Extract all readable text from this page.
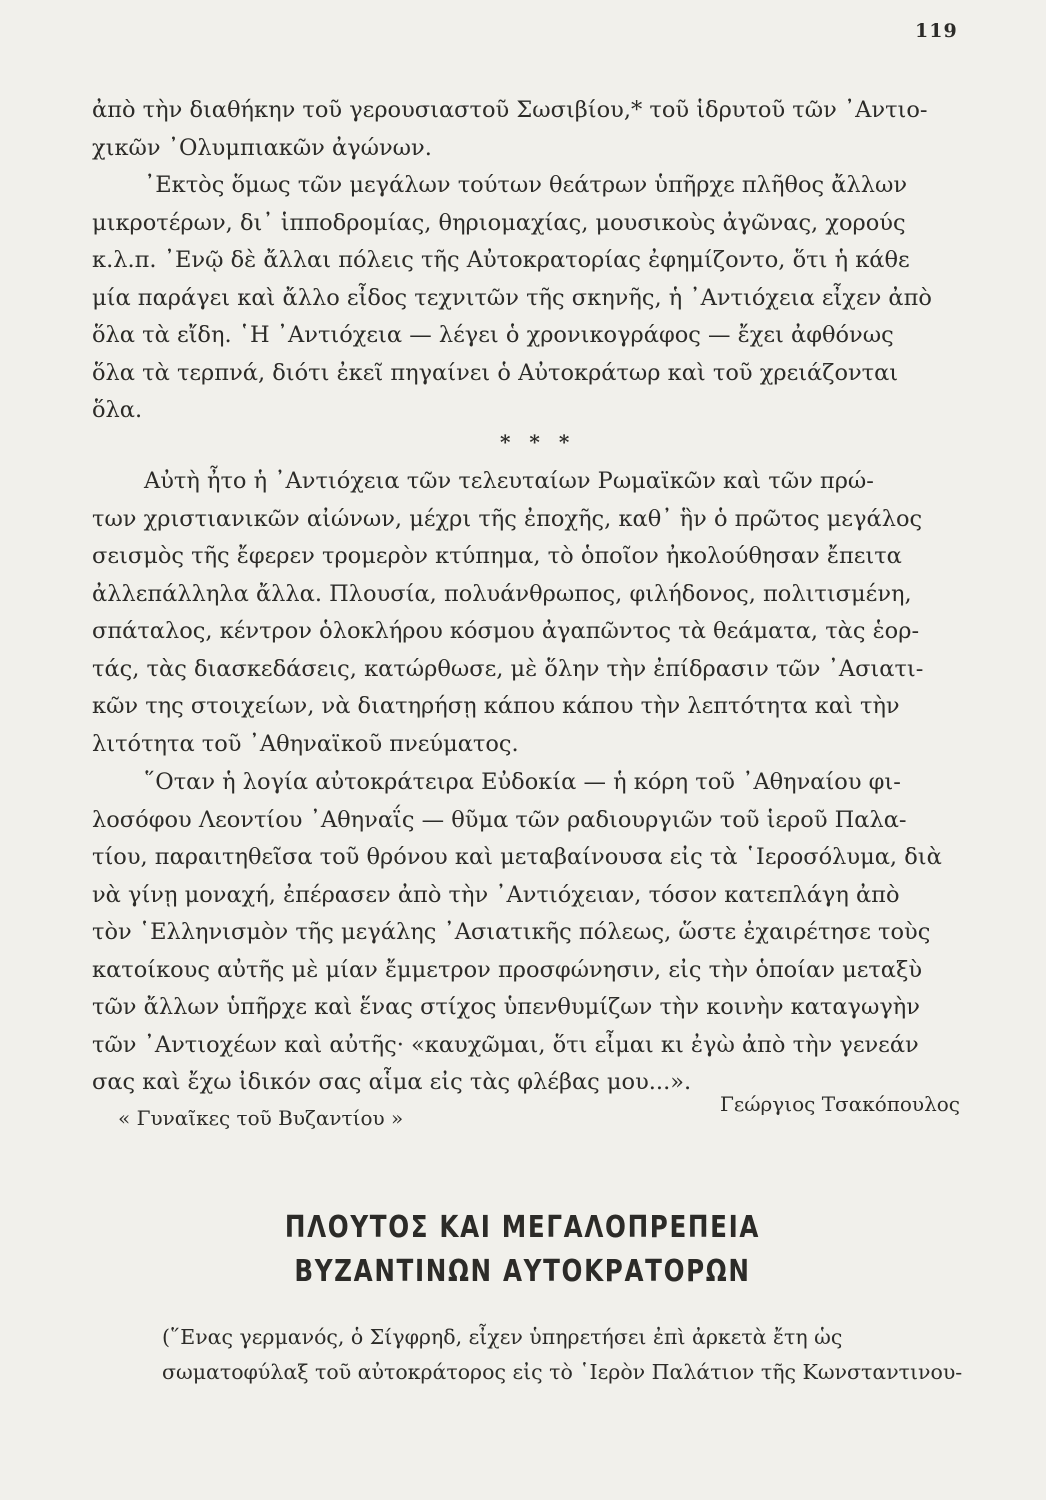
119

ἀπὸ τὴν διαθήκην τοῦ γερουσιαστοῦ Σωσιβίου,* τοῦ ἱδρυτοῦ τῶν ᾿Αντιο-
χικῶν ᾿Ολυμπιακῶν ἀγώνων.

᾿Εκτὸς ὅμως τῶν μεγάλων τούτων θεάτρων ὑπῆρχε πλῆθος ἄλλων
μικροτέρων, δι᾿ ἱπποδρομίας, θηριομαχίας, μουσικοὺς ἀγῶνας, χορούς
κ.λ.π. ᾿Ενῷ δὲ ἄλλαι πόλεις τῆς Αὐτοκρατορίας ἐφημίζοντο, ὅτι ἡ κάθε
μία παράγει καὶ ἄλλο εἶδος τεχνιτῶν τῆς σκηνῆς, ἡ ᾿Αντιόχεια εἶχεν ἀπὸ
ὅλα τὰ εἴδη. ῾Η ᾿Αντιόχεια — λέγει ὁ χρονικογράφος — ἔχει ἀφθόνως
ὅλα τὰ τερπνά, διότι ἐκεῖ πηγαίνει ὁ Αὐτοκράτωρ καὶ τοῦ χρειάζονται
ὅλα.

* * *

Αὐτὴ ἦτο ἡ ᾿Αντιόχεια τῶν τελευταίων Ρωμαϊκῶν καὶ τῶν πρώ-
των χριστιανικῶν αἰώνων, μέχρι τῆς ἐποχῆς, καθ᾿ ἣν ὁ πρῶτος μεγάλος
σεισμὸς τῆς ἔφερεν τρομερὸν κτύπημα, τὸ ὁποῖον ἠκολούθησαν ἔπειτα
ἀλλεπάλληλα ἄλλα. Πλουσία, πολυάνθρωπος, φιλήδονος, πολιτισμένη,
σπάταλος, κέντρον ὁλοκλήρου κόσμου ἀγαπῶντος τὰ θεάματα, τὰς ἑορ-
τάς, τὰς διασκεδάσεις, κατώρθωσε, μὲ ὅλην τὴν ἐπίδρασιν τῶν ᾿Ασιατι-
κῶν της στοιχείων, νὰ διατηρήσῃ κάπου κάπου τὴν λεπτότητα καὶ τὴν
λιτότητα τοῦ ᾿Αθηναϊκοῦ πνεύματος.

῞Οταν ἡ λογία αὐτοκράτειρα Εὐδοκία — ἡ κόρη τοῦ ᾿Αθηναίου φι-
λοσόφου Λεοντίου ᾿Αθηναΐς — θῦμα τῶν ραδιουργιῶν τοῦ ἱεροῦ Παλα-
τίου, παραιτηθεῖσα τοῦ θρόνου καὶ μεταβαίνουσα εἰς τὰ ῾Ιεροσόλυμα, διὰ
νὰ γίνῃ μοναχή, ἐπέρασεν ἀπὸ τὴν ᾿Αντιόχειαν, τόσον κατεπλάγη ἀπὸ
τὸν ῾Ελληνισμὸν τῆς μεγάλης ᾿Ασιατικῆς πόλεως, ὥστε ἐχαιρέτησε τοὺς
κατοίκους αὐτῆς μὲ μίαν ἔμμετρον προσφώνησιν, εἰς τὴν ὁποίαν μεταξὺ
τῶν ἄλλων ὑπῆρχε καὶ ἕνας στίχος ὑπενθυμίζων τὴν κοινὴν καταγωγὴν
τῶν ᾿Αντιοχέων καὶ αὐτῆς· «καυχῶμαι, ὅτι εἶμαι κι ἐγὼ ἀπὸ τὴν γενεάν
σας καὶ ἔχω ἰδικόν σας αἷμα εἰς τὰς φλέβας μου...».

Γεώργιος Τσακόπουλος
« Γυναῖκες τοῦ Βυζαντίου »
ΠΛΟΥΤΟΣ ΚΑΙ ΜΕΓΑΛΟΠΡΕΠΕΙΑ
ΒΥΖΑΝΤΙΝΩΝ ΑΥΤΟΚΡΑΤΟΡΩΝ
(῞Ενας γερμανός, ὁ Σίγφρηδ, εἶχεν ὑπηρετήσει ἐπὶ ἀρκετὰ ἔτη ὡς
σωματοφύλαξ τοῦ αὐτοκράτορος εἰς τὸ ῾Ιερὸν Παλάτιον τῆς Κωνσταντινου-
